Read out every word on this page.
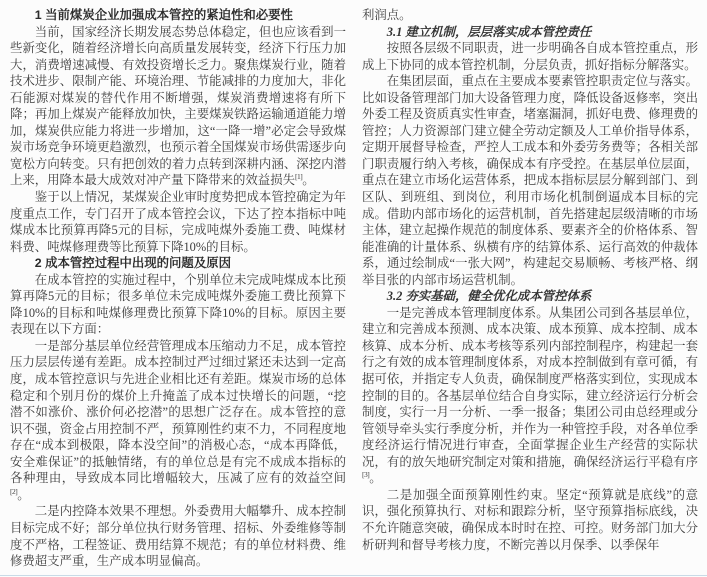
1 当前煤炭企业加强成本管控的紧迫性和必要性

当前，国家经济长期发展态势总体稳定，但也应该看到一些新变化，随着经济增长向高质量发展转变，经济下行压力加大，消费增速减慢、有效投资增长乏力。聚焦煤炭行业，随着技术进步、限制产能、环境治理、节能减排的力度加大，非化石能源对煤炭的替代作用不断增强，煤炭消费增速将有所下降；再加上煤炭产能释放加快，主要煤炭铁路运输通道能力增加，煤炭供应能力将进一步增加，这“一降一增”必定会导致煤炭市场竞争环境更趋激烈，也预示着全国煤炭市场供需逐步向宽松方向转变。只有把创效的着力点转到深耕内涵、深挖内潜上来，用降本最大成效对冲产量下降带来的效益损失[1]。

鉴于以上情况，某煤炭企业审时度势把成本管控确定为年度重点工作，专门召开了成本管控会议，下达了控本指标中吨煤成本比预算再降5元的目标，完成吨煤外委施工费、吨煤材料费、吨煤修理费等比预算下降10%的目标。

2 成本管控过程中出现的问题及原因

在成本管控的实施过程中，个别单位未完成吨煤成本比预算再降5元的目标；很多单位未完成吨煤外委施工费比预算下降10%的目标和吨煤修理费比预算下降10%的目标。原因主要表现在以下方面：

一是部分基层单位经营管理成本压缩动力不足，成本管控压力层层传递有差距。成本控制过严过细过紧还未达到一定高度，成本管控意识与先进企业相比还有差距。煤炭市场的总体稳定和个别月份的煤价上升掩盖了成本过快增长的问题，“挖潜不如涨价、涨价何必挖潜”的思想广泛存在。成本管控的意识不强，资金占用控制不严，预算刚性约束不力，不同程度地存在“成本到极限，降本没空间”的消极心态，“成本再降低，安全难保证”的抵触情绪，有的单位总是有完不成成本指标的各种理由，导致成本同比增幅较大，压减了应有的效益空间[2]。

二是内控降本效果不理想。外委费用大幅攀升、成本控制目标完成不好；部分单位执行财务管理、招标、外委维修等制度不严格，工程签证、费用结算不规范；有的单位材料费、维修费超支严重，生产成本明显偏高。

利润点。

3.1 建立机制，层层落实成本管控责任

按照各层级不同职责，进一步明确各自成本管控重点，形成上下协同的成本管控机制，分层负责，抓好指标分解落实。

在集团层面，重点在主要成本要素管控职责定位与落实。比如设备管理部门加大设备管理力度，降低设备返修率，突出外委工程及资质真实性审查，堵塞漏洞，抓好电费、修理费的管控；人力资源部门建立健全劳动定额及人工单价指导体系，定期开展督导检查，严控人工成本和外委劳务费等；各相关部门职责履行纳入考核，确保成本有序受控。在基层单位层面，重点在建立市场化运营体系，把成本指标层层分解到部门、到区队、到班组、到岗位，利用市场化机制倒逼成本目标的完成。借助内部市场化的运营机制，首先搭建起层级清晰的市场主体，建立起操作规范的制度体系、要素齐全的价格体系、智能准确的计量体系、纵横有序的结算体系、运行高效的仲裁体系，通过绘制成“一张大网”，构建起交易顺畅、考核严格、纲举目张的内部市场运营机制。

3.2 夯实基础，健全优化成本管控体系

一是完善成本管理制度体系。从集团公司到各基层单位，建立和完善成本预测、成本决策、成本预算、成本控制、成本核算、成本分析、成本考核等系列内部控制程序，构建起一套行之有效的成本管理制度体系，对成本控制做到有章可循，有据可依，并指定专人负责，确保制度严格落实到位，实现成本控制的目的。各基层单位结合自身实际，建立经济运行分析会制度，实行一月一分析、一季一报备；集团公司由总经理或分管领导牵头实行季度分析，并作为一种管控手段，对各单位季度经济运行情况进行审查，全面掌握企业生产经营的实际状况，有的放矢地研究制定对策和措施，确保经济运行平稳有序[3]。

二是加强全面预算刚性约束。坚定“预算就是底线”的意识，强化预算执行、对标和跟踪分析，坚守预算指标底线，决不允许随意突破，确保成本时时在控、可控。财务部门加大分析研判和督导考核力度，不断完善以月保季、以季保年
